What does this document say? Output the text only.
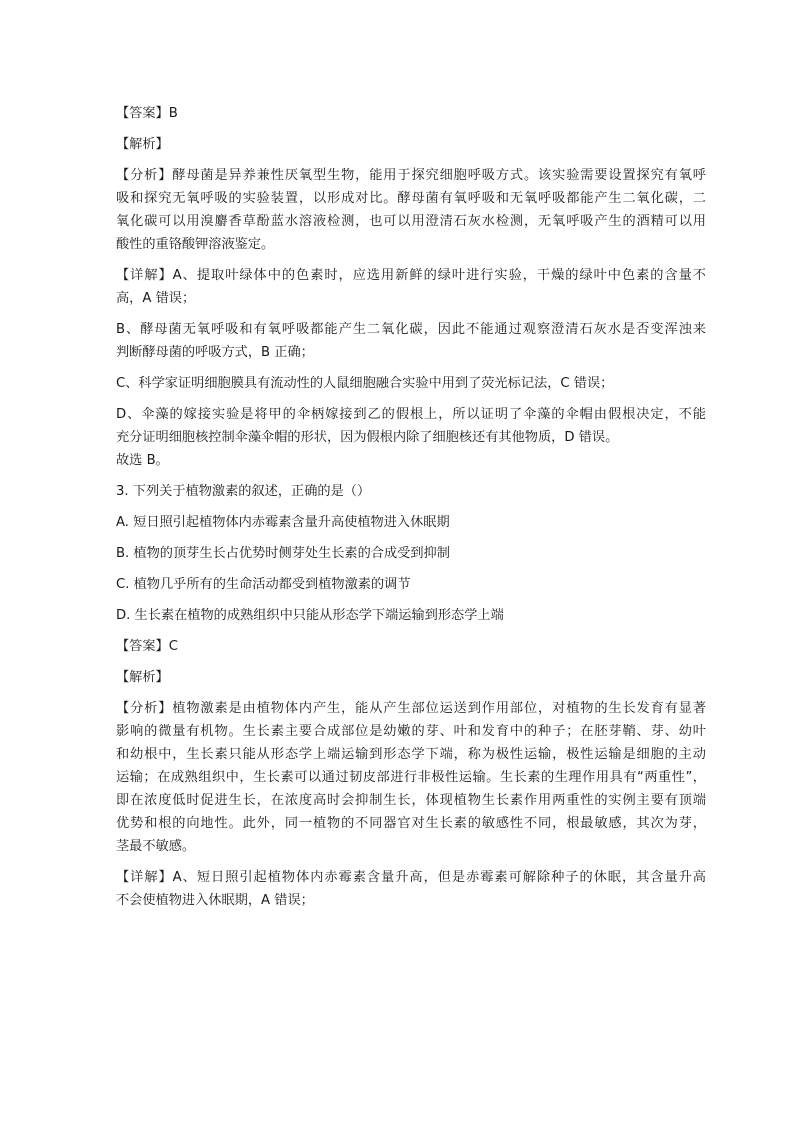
【答案】B
【解析】
【分析】酵母菌是异养兼性厌氧型生物，能用于探究细胞呼吸方式。该实验需要设置探究有氧呼
吸和探究无氧呼吸的实验装置，以形成对比。酵母菌有氧呼吸和无氧呼吸都能产生二氧化碳，二
氧化碳可以用溴麝香草酚蓝水溶液检测，也可以用澄清石灰水检测，无氧呼吸产生的酒精可以用
酸性的重铬酸钾溶液鉴定。
【详解】A、提取叶绿体中的色素时，应选用新鲜的绿叶进行实验，干燥的绿叶中色素的含量不
高，A 错误；
B、酵母菌无氧呼吸和有氧呼吸都能产生二氧化碳，因此不能通过观察澄清石灰水是否变浑浊来
判断酵母菌的呼吸方式，B 正确；
C、科学家证明细胞膜具有流动性的人鼠细胞融合实验中用到了荧光标记法，C 错误；
D、伞藻的嫁接实验是将甲的伞柄嫁接到乙的假根上，所以证明了伞藻的伞帽由假根决定，不能
充分证明细胞核控制伞藻伞帽的形状，因为假根内除了细胞核还有其他物质，D 错误。
故选 B。
3. 下列关于植物激素的叙述，正确的是（）
A. 短日照引起植物体内赤霉素含量升高使植物进入休眠期
B. 植物的顶芽生长占优势时侧芽处生长素的合成受到抑制
C. 植物几乎所有的生命活动都受到植物激素的调节
D. 生长素在植物的成熟组织中只能从形态学下端运输到形态学上端
【答案】C
【解析】
【分析】植物激素是由植物体内产生，能从产生部位运送到作用部位，对植物的生长发育有显著
影响的微量有机物。生长素主要合成部位是幼嫩的芽、叶和发育中的种子；在胚芽鞘、芽、幼叶
和幼根中，生长素只能从形态学上端运输到形态学下端，称为极性运输，极性运输是细胞的主动
运输；在成熟组织中，生长素可以通过韧皮部进行非极性运输。生长素的生理作用具有“两重性”，
即在浓度低时促进生长，在浓度高时会抑制生长，体现植物生长素作用两重性的实例主要有顶端
优势和根的向地性。此外，同一植物的不同器官对生长素的敏感性不同，根最敏感，其次为芽，
茎最不敏感。
【详解】A、短日照引起植物体内赤霉素含量升高，但是赤霉素可解除种子的休眠，其含量升高
不会使植物进入休眠期，A 错误；
